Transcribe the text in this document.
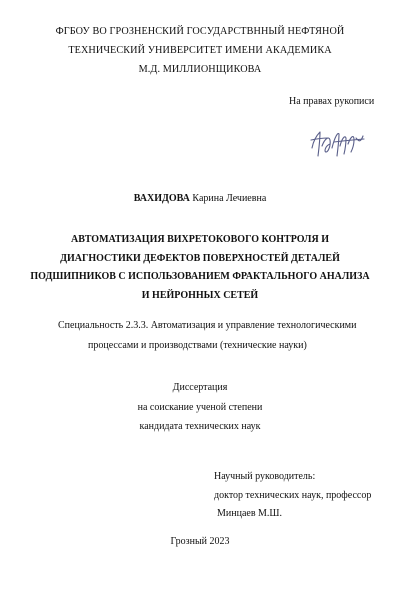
ФГБОУ ВО ГРОЗНЕНСКИЙ ГОСУДАРСТВННЫЙ НЕФТЯНОЙ
ТЕХНИЧЕСКИЙ УНИВЕРСИТЕТ ИМЕНИ АКАДЕМИКА
М.Д. МИЛЛИОНЩИКОВА
На правах рукописи
ВАХИДОВА Карина Лечиевна
АВТОМАТИЗАЦИЯ ВИХРЕТОКОВОГО КОНТРОЛЯ И
ДИАГНОСТИКИ ДЕФЕКТОВ ПОВЕРХНОСТЕЙ ДЕТАЛЕЙ
ПОДШИПНИКОВ С ИСПОЛЬЗОВАНИЕМ ФРАКТАЛЬНОГО АНАЛИЗА
И НЕЙРОННЫХ СЕТЕЙ
Специальность 2.3.3. Автоматизация и управление технологическими
процессами и производствами (технические науки)
Диссертация
на соискание ученой степени
кандидата технических наук
Научный руководитель:
доктор технических наук, профессор
Минцаев М.Ш.
Грозный 2023
